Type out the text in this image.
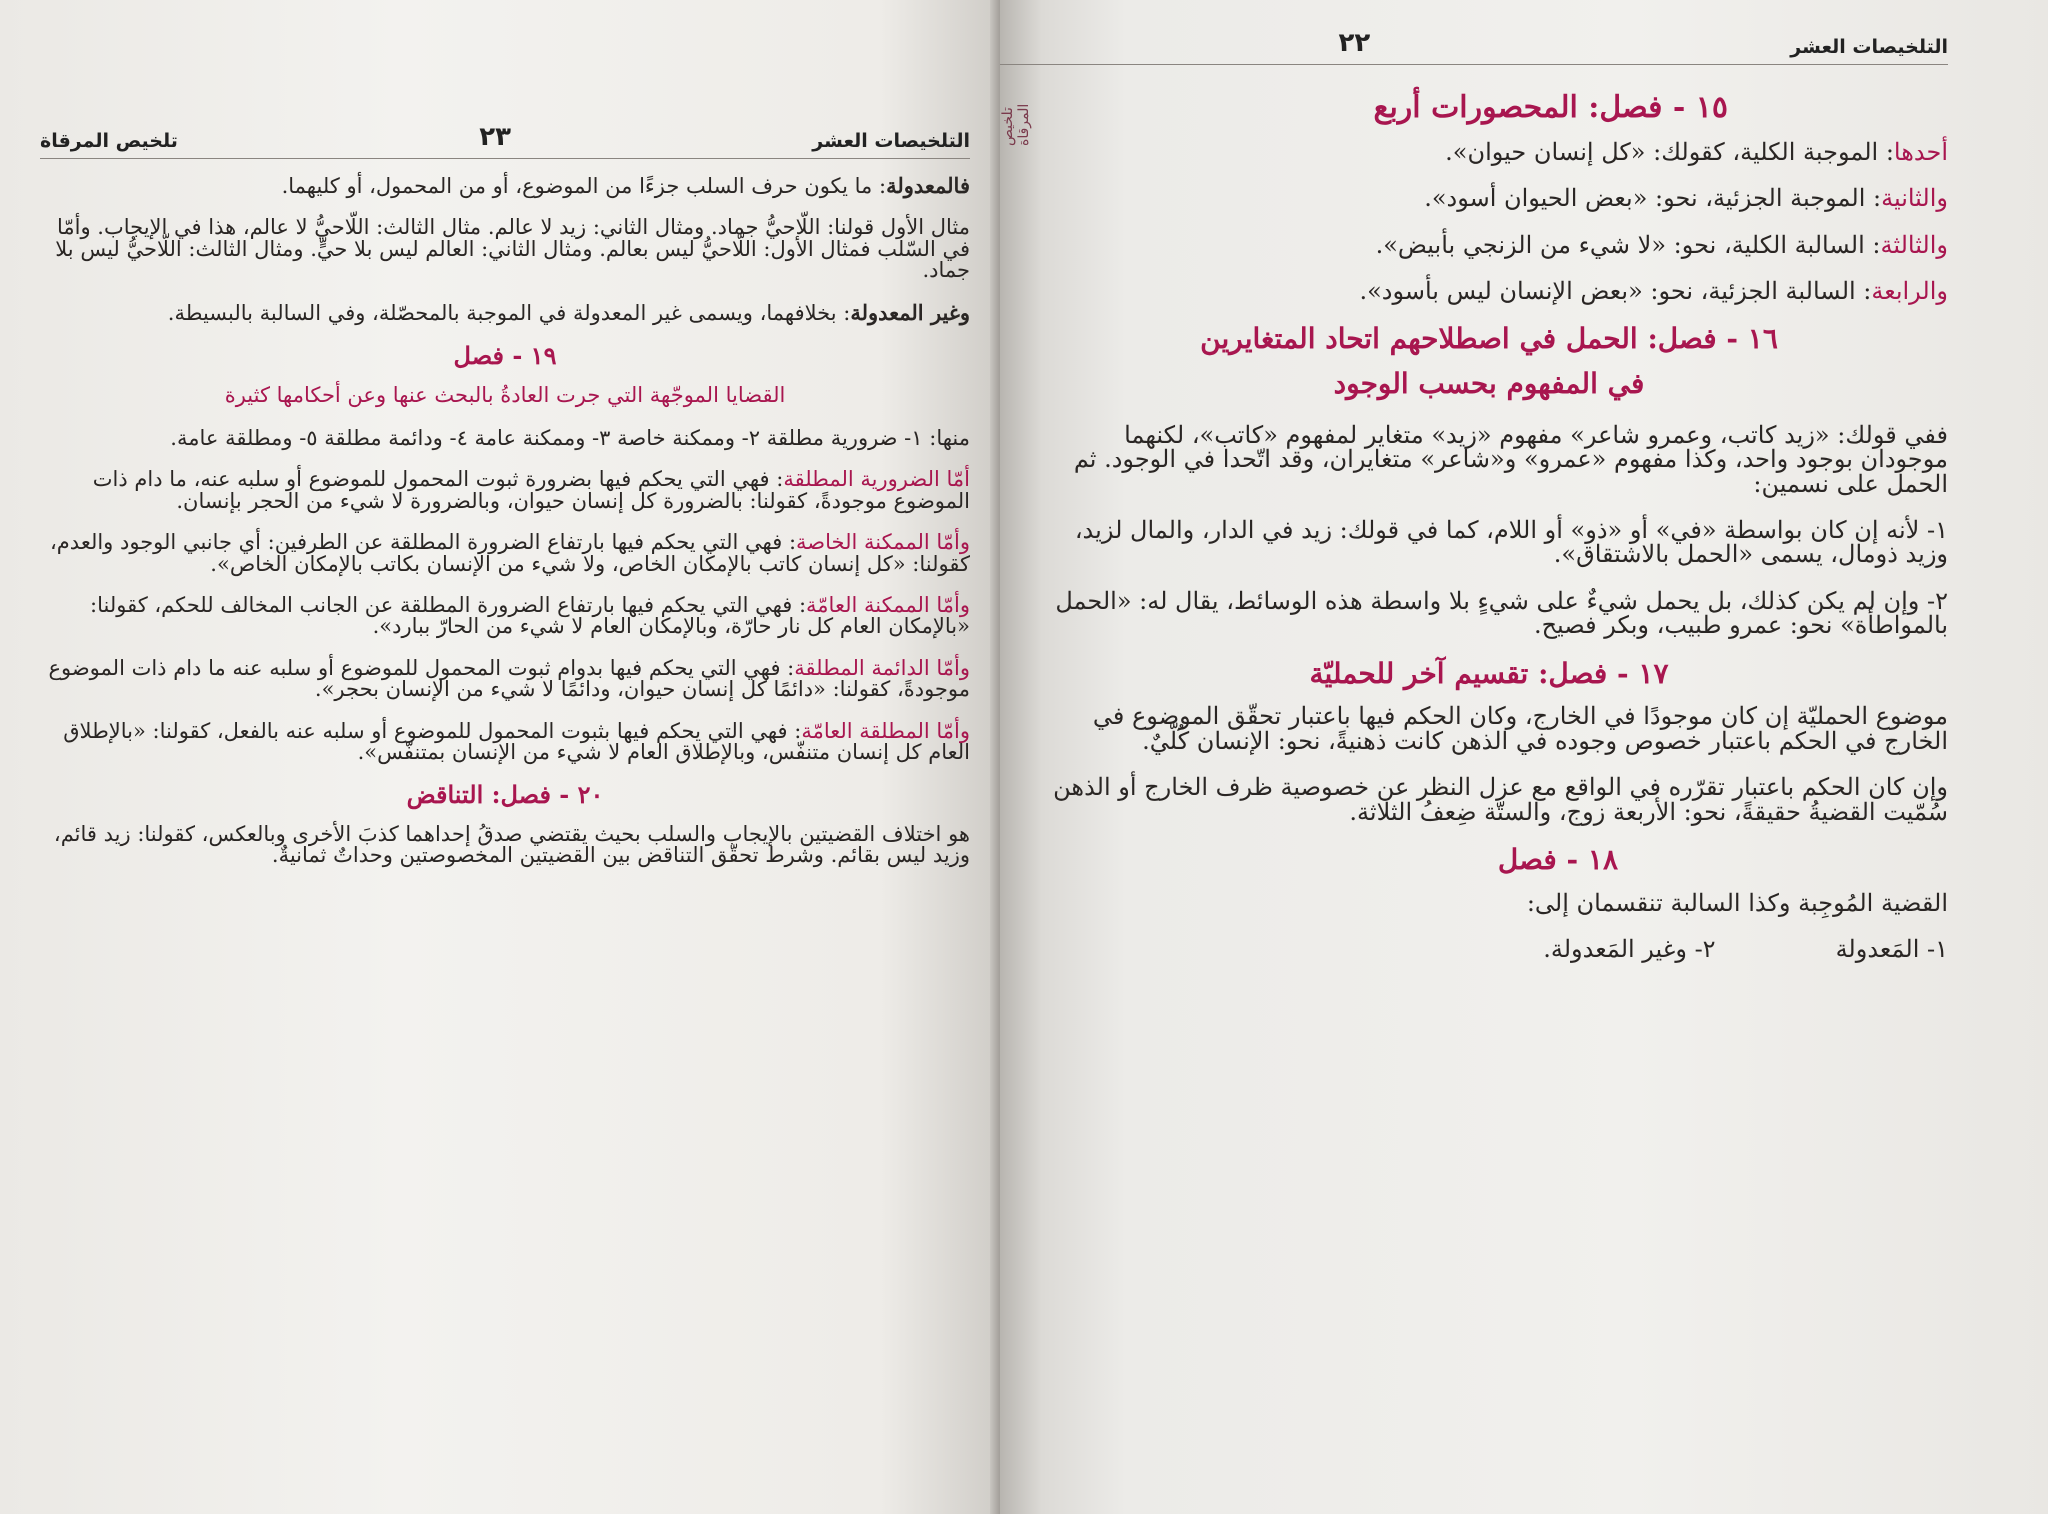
التلخيصات العشر
٢٣
تلخيص المرقاة

فالمعدولة: ما يكون حرف السلب جزءًا من الموضوع، أو من المحمول، أو كليهما.

مثال الأول قولنا: اللّاحيُّ جماد. ومثال الثاني: زيد لا عالم. مثال الثالث: اللّاحيُّ لا عالم، هذا في الإيجاب. وأمّا في السّلب فمثال الأول: اللّاحيُّ ليس بعالم. ومثال الثاني: العالم ليس بلا حيٍّ. ومثال الثالث: اللّاحيُّ ليس بلا جماد.

وغير المعدولة: بخلافهما، ويسمى غير المعدولة في الموجبة بالمحصّلة، وفي السالبة بالبسيطة.

١٩ - فصل
القضايا الموجّهة التي جرت العادةُ بالبحث عنها وعن أحكامها كثيرة

منها: ١- ضرورية مطلقة ٢- وممكنة خاصة ٣- وممكنة عامة ٤- ودائمة مطلقة ٥- ومطلقة عامة.

أمّا الضرورية المطلقة: فهي التي يحكم فيها بضرورة ثبوت المحمول للموضوع أو سلبه عنه، ما دام ذات الموضوع موجودةً، كقولنا: بالضرورة كل إنسان حيوان، وبالضرورة لا شيء من الحجر بإنسان.

وأمّا الممكنة الخاصة: فهي التي يحكم فيها بارتفاع الضرورة المطلقة عن الطرفين: أي جانبي الوجود والعدم، كقولنا: «كل إنسان كاتب بالإمكان الخاص، ولا شيء من الإنسان بكاتب بالإمكان الخاص».

وأمّا الممكنة العامّة: فهي التي يحكم فيها بارتفاع الضرورة المطلقة عن الجانب المخالف للحكم، كقولنا: «بالإمكان العام كل نار حارّة، وبالإمكان العام لا شيء من الحارّ ببارد».

وأمّا الدائمة المطلقة: فهي التي يحكم فيها بدوام ثبوت المحمول للموضوع أو سلبه عنه ما دام ذات الموضوع موجودةً، كقولنا: «دائمًا كل إنسان حيوان، ودائمًا لا شيء من الإنسان بحجر».

وأمّا المطلقة العامّة: فهي التي يحكم فيها بثبوت المحمول للموضوع أو سلبه عنه بالفعل، كقولنا: «بالإطلاق العام كل إنسان متنفّس، وبالإطلاق العام لا شيء من الإنسان بمتنفّس».

٢٠ - فصل: التناقض

هو اختلاف القضيتين بالإيجاب والسلب بحيث يقتضي صدقُ إحداهما كذبَ الأخرى وبالعكس، كقولنا: زيد قائم، وزيد ليس بقائم. وشرط تحقّق التناقض بين القضيتين المخصوصتين وحداتٌ ثمانيةٌ.

التلخيصات العشر
٢٢
١٥ - فصل: المحصورات أربع

أحدها: الموجبة الكلية، كقولك: «كل إنسان حيوان».

والثانية: الموجبة الجزئية، نحو: «بعض الحيوان أسود».

والثالثة: السالبة الكلية، نحو: «لا شيء من الزنجي بأبيض».

والرابعة: السالبة الجزئية، نحو: «بعض الإنسان ليس بأسود».

١٦ - فصل: الحمل في اصطلاحهم اتحاد المتغايرين
في المفهوم بحسب الوجود

ففي قولك: «زيد كاتب، وعمرو شاعر» مفهوم «زيد» متغاير لمفهوم «كاتب»، لكنهما موجودان بوجود واحد، وكذا مفهوم «عمرو» و«شاعر» متغايران، وقد اتّحدا في الوجود. ثم الحمل على نسمين:

١- لأنه إن كان بواسطة «في» أو «ذو» أو اللام، كما في قولك: زيد في الدار، والمال لزيد، وزيد ذومال، يسمى «الحمل بالاشتقاق».

٢- وإن لم يكن كذلك، بل يحمل شيءٌ على شيءٍ بلا واسطة هذه الوسائط، يقال له: «الحمل بالمواطأة» نحو: عمرو طبيب، وبكر فصيح.

١٧ - فصل: تقسيم آخر للحمليّة

موضوع الحمليّة إن كان موجودًا في الخارج، وكان الحكم فيها باعتبار تحقّق الموضوع في الخارج في الحكم باعتبار خصوص وجوده في الذهن كانت ذهنيةً، نحو: الإنسان كُلّيٌ.

وإن كان الحكم باعتبار تقرّره في الواقع مع عزل النظر عن خصوصية ظرف الخارج أو الذهن سُمّيت القضيةُ حقيقةً، نحو: الأربعة زوج، والستّة ضِعفُ الثلاثة.

١٨ - فصل

القضية المُوجِبة وكذا السالبة تنقسمان إلى:

١- المَعدولة
٢- وغير المَعدولة.
تلخيص المرقاة
